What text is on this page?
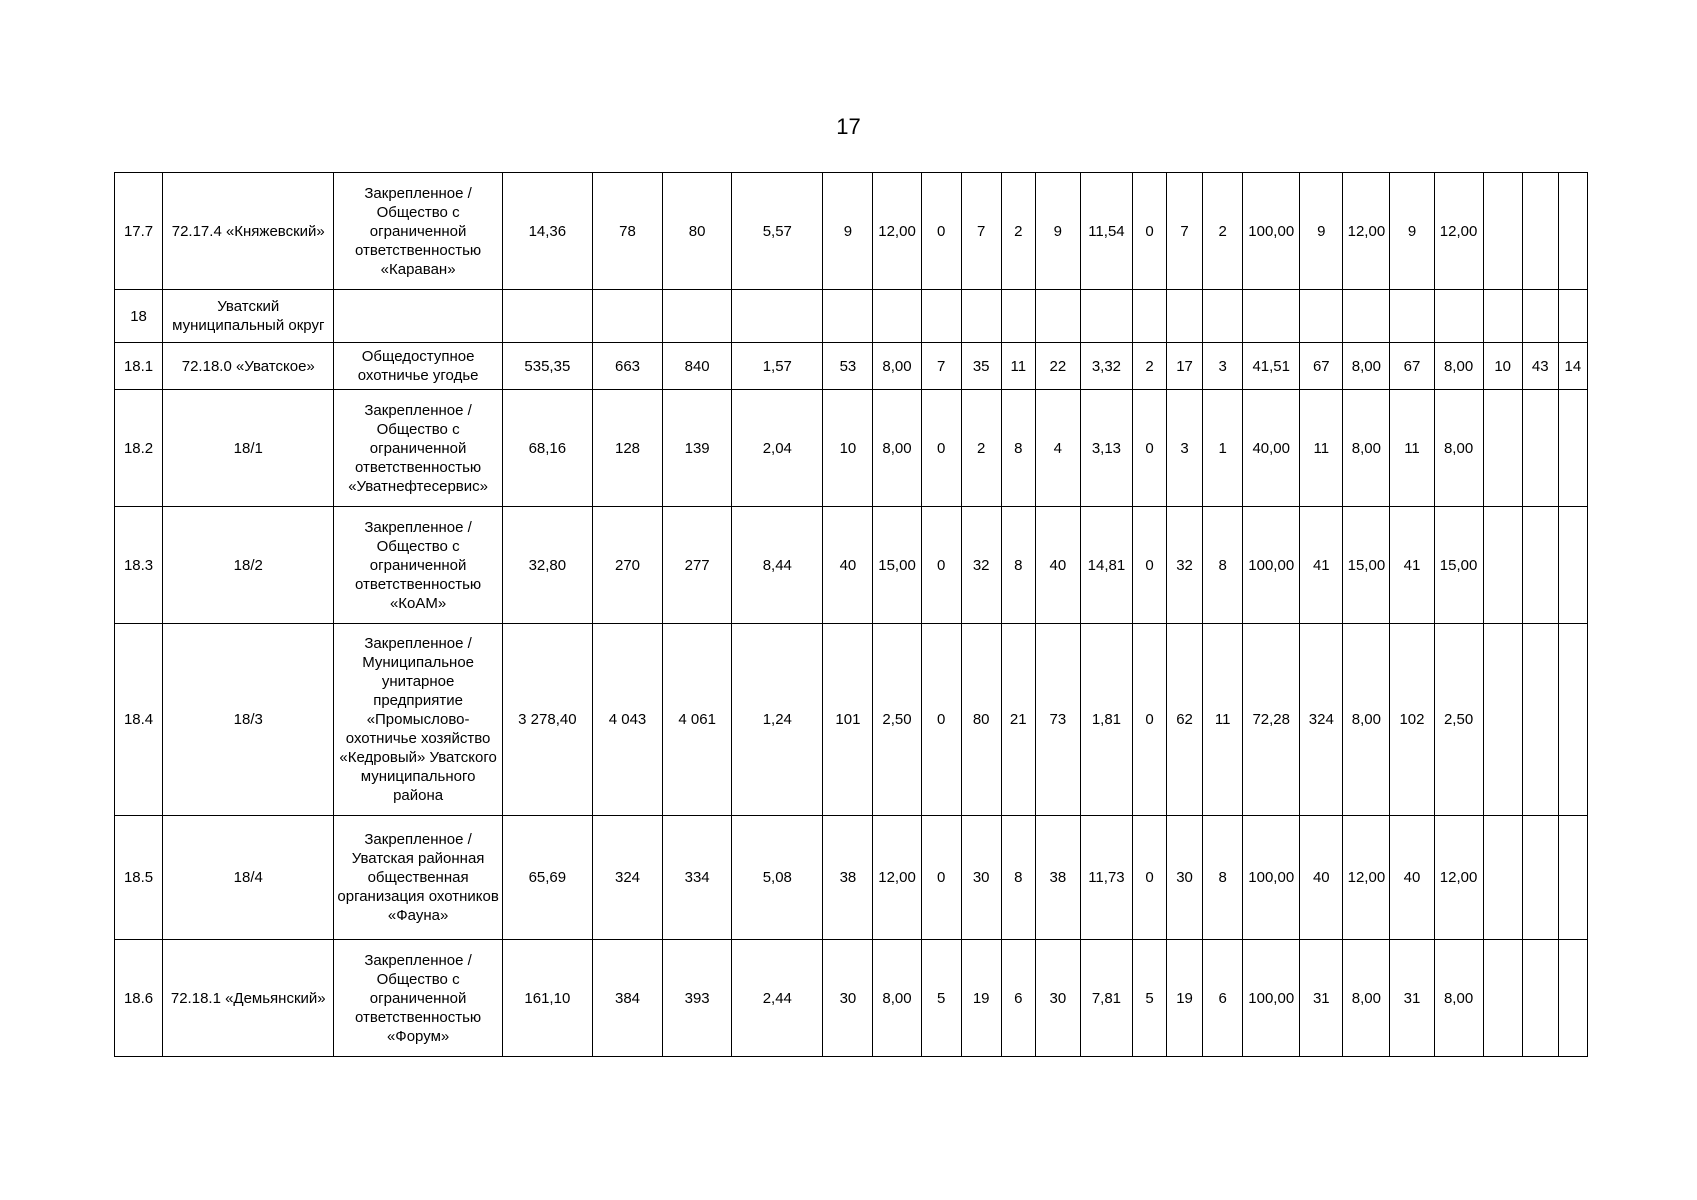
17
17.7	72.17.4 «Княжевский»	Закрепленное / Общество с ограниченной ответственностью «Караван»	14,36	78	80	5,57	9	12,00	0	7	2	9	11,54	0	7	2	100,00	9	12,00	9	12,00			
18	Уватский муниципальный округ																							
18.1	72.18.0 «Уватское»	Общедоступное охотничье угодье	535,35	663	840	1,57	53	8,00	7	35	11	22	3,32	2	17	3	41,51	67	8,00	67	8,00	10	43	14
18.2	18/1	Закрепленное / Общество с ограниченной ответственностью «Уватнефтесервис»	68,16	128	139	2,04	10	8,00	0	2	8	4	3,13	0	3	1	40,00	11	8,00	11	8,00			
18.3	18/2	Закрепленное / Общество с ограниченной ответственностью «КоАМ»	32,80	270	277	8,44	40	15,00	0	32	8	40	14,81	0	32	8	100,00	41	15,00	41	15,00			
18.4	18/3	Закрепленное / Муниципальное унитарное предприятие «Промыслово-охотничье хозяйство «Кедровый» Уватского муниципального района	3 278,40	4 043	4 061	1,24	101	2,50	0	80	21	73	1,81	0	62	11	72,28	324	8,00	102	2,50			
18.5	18/4	Закрепленное / Уватская районная общественная организация охотников «Фауна»	65,69	324	334	5,08	38	12,00	0	30	8	38	11,73	0	30	8	100,00	40	12,00	40	12,00			
18.6	72.18.1 «Демьянский»	Закрепленное / Общество с ограниченной ответственностью «Форум»	161,10	384	393	2,44	30	8,00	5	19	6	30	7,81	5	19	6	100,00	31	8,00	31	8,00			
